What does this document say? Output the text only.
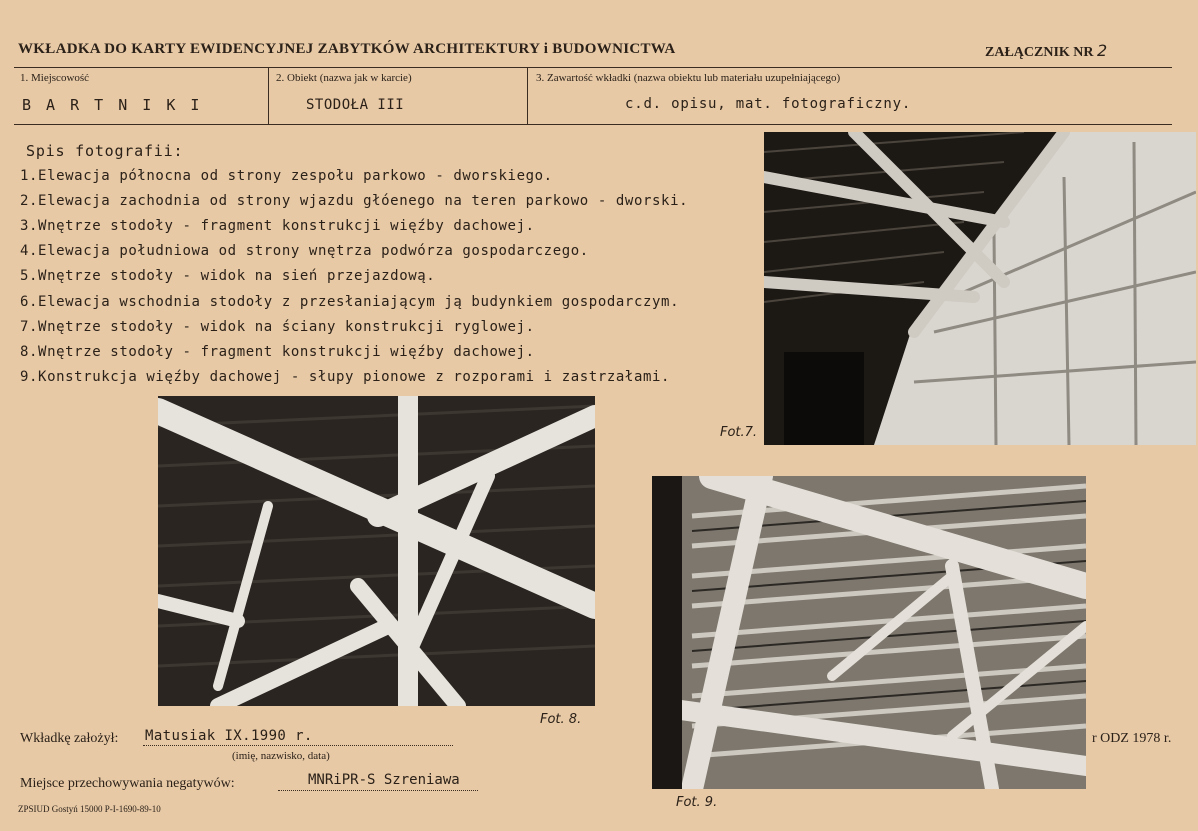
WKŁADKA DO KARTY EWIDENCYJNEJ ZABYTKÓW ARCHITEKTURY i BUDOWNICTWA	ZAŁĄCZNIK NR 2
1. Miejscowość
B A R T N I K I
2. Obiekt (nazwa jak w karcie)
STODOŁA III
3. Zawartość wkładki (nazwa obiektu lub materiału uzupełniającego)
c.d. opisu, mat. fotograficzny.
Spis fotografii:
1.Elewacja północna od strony zespołu parkowo - dworskiego.
2.Elewacja zachodnia od strony wjazdu głóenego na teren parkowo - dworski.
3.Wnętrze stodoły - fragment konstrukcji więźby dachowej.
4.Elewacja południowa od strony wnętrza podwórza gospodarczego.
5.Wnętrze stodoły - widok na sień przejazdową.
6.Elewacja wschodnia stodoły z przesłaniającym ją budynkiem gospodarczym.
7.Wnętrze stodoły - widok na ściany konstrukcji ryglowej.
8.Wnętrze stodoły - fragment konstrukcji więźby dachowej.
9.Konstrukcja więźby dachowej - słupy pionowe z rozporami i zastrzałami.
Fot.7.
Fot. 8.
Fot. 9.
Wkładkę założył: Matusiak IX.1990 r.
(imię, nazwisko, data)
r ODZ 1978 r.
Miejsce przechowywania negatywów:	MNRiPR-S Szreniawa
ZPSIUD Gostyń 15000 P-I-1690-89-10
